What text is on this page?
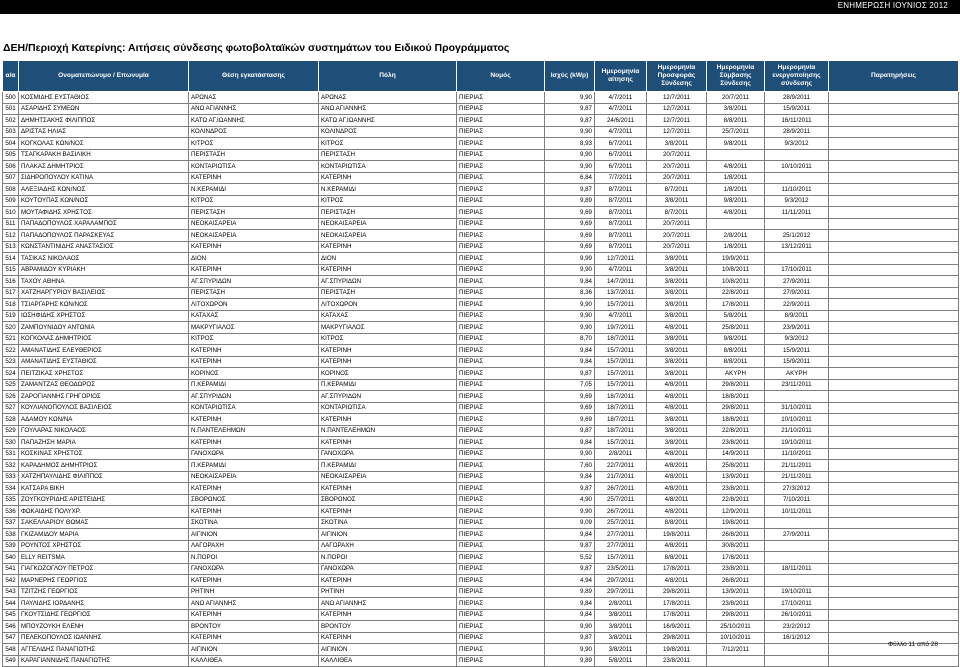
ΕΝΗΜΕΡΩΣΗ ΙΟΥΝΙΟΣ 2012
ΔΕΗ/Περιοχή Κατερίνης: Αιτήσεις σύνδεσης φωτοβολταϊκών συστημάτων του Ειδικού Προγράμματος
α/α	Ονοματεπώνυμο / Επωνυμία	Θέση εγκατάστασης	Πόλη	Νομός	Ισχύς (kWp)	Ημερομηνία αίτησης	Ημερομηνία Προσφοράς Σύνδεσης	Ημερομηνία Σύμβασης Σύνδεσης	Ημερομηνία ενεργοποίησης σύνδεσης	Παρατηρήσεις
500	ΚΟΣΜΙΔΗΣ ΕΥΣΤΑΘΙΟΣ	ΑΡΩΝΑΣ	ΑΡΩΝΑΣ	ΠΙΕΡΙΑΣ	9,90	4/7/2011	12/7/2011	20/7/2011	28/9/2011	
501	ΑΣΑΡΙΔΗΣ ΣΥΜΕΩΝ	ΑΝΩ ΑΓΙΑΝΝΗΣ	ΑΝΩ ΑΓΙΑΝΝΗΣ	ΠΙΕΡΙΑΣ	9,87	4/7/2011	12/7/2011	3/8/2011	15/9/2011	
502	ΔΗΜΗΤΣΑΚΗΣ ΦΙΛΙΠΠΟΣ	ΚΑΤΩ ΑΓ.ΙΩΑΝΝΗΣ	ΚΑΤΩ ΑΓ.ΙΩΑΝΝΗΣ	ΠΙΕΡΙΑΣ	9,87	24/6/2011	12/7/2011	8/8/2011	16/11/2011	
503	ΔΡΙΣΤΑΣ ΗΛΙΑΣ	ΚΟΛΙΝΔΡΟΣ	ΚΟΛΙΝΔΡΟΣ	ΠΙΕΡΙΑΣ	9,90	4/7/2011	12/7/2011	25/7/2011	28/9/2011	
504	ΚΟΓΚΟΛΑΣ ΚΩΝ/ΝΟΣ	ΚΙΤΡΟΣ	ΚΙΤΡΟΣ	ΠΙΕΡΙΑΣ	8,93	6/7/2011	3/8/2011	9/8/2011	9/3/2012	
505	ΤΣΑΓΚΑΡΑΚΗ ΒΑΣΙΛΙΚΗ	ΠΕΡΙΣΤΑΣΗ	ΠΕΡΙΣΤΑΣΗ	ΠΙΕΡΙΑΣ	9,90	6/7/2011	20/7/2011			
506	ΠΛΑΚΑΣ ΔΗΜΗΤΡΙΟΣ	ΚΟΝΤΑΡΙΩΤΙΣΑ	ΚΟΝΤΑΡΙΩΤΙΣΑ	ΠΙΕΡΙΑΣ	9,90	6/7/2011	20/7/2011	4/8/2011	10/10/2011	
507	ΣΙΔΗΡΟΠΟΥΛΟΥ ΚΑΤΙΝΑ	ΚΑΤΕΡΙΝΗ	ΚΑΤΕΡΙΝΗ	ΠΙΕΡΙΑΣ	6,84	7/7/2011	20/7/2011	1/8/2011		
508	ΑΛΕΞΙΑΔΗΣ ΚΩΝ/ΝΟΣ	Ν.ΚΕΡΑΜΙΔΙ	Ν.ΚΕΡΑΜΙΔΙ	ΠΙΕΡΙΑΣ	9,87	8/7/2011	8/7/2011	1/8/2011	11/10/2011	
509	ΚΟΥΤΟΥΠΑΣ ΚΩΝ/ΝΟΣ	ΚΙΤΡΟΣ	ΚΙΤΡΟΣ	ΠΙΕΡΙΑΣ	9,89	8/7/2011	3/8/2011	9/8/2011	9/3/2012	
510	ΜΟΥΤΑΦΙΔΗΣ ΧΡΗΣΤΟΣ	ΠΕΡΙΣΤΑΣΗ	ΠΕΡΙΣΤΑΣΗ	ΠΙΕΡΙΑΣ	9,69	8/7/2011	8/7/2011	4/8/2011	11/11/2011	
511	ΠΑΠΑΔΟΠΟΥΛΟΣ ΧΑΡΑΛΑΜΠΟΣ	ΝΕΟΚΑΙΣΑΡΕΙΑ	ΝΕΟΚΑΙΣΑΡΕΙΑ	ΠΙΕΡΙΑΣ	9,69	8/7/2011	20/7/2011			
512	ΠΑΠΑΔΟΠΟΥΛΟΣ ΠΑΡΑΣΚΕΥΑΣ	ΝΕΟΚΑΙΣΑΡΕΙΑ	ΝΕΟΚΑΙΣΑΡΕΙΑ	ΠΙΕΡΙΑΣ	9,69	8/7/2011	20/7/2011	2/8/2011	25/1/2012	
513	ΚΩΝΣΤΑΝΤΙΝΙΔΗΣ ΑΝΑΣΤΑΣΙΟΣ	ΚΑΤΕΡΙΝΗ	ΚΑΤΕΡΙΝΗ	ΠΙΕΡΙΑΣ	9,69	8/7/2011	20/7/2011	1/8/2011	13/12/2011	
514	ΤΑΣΙΚΑΣ ΝΙΚΟΛΑΟΣ	ΔΙΟΝ	ΔΙΟΝ	ΠΙΕΡΙΑΣ	9,99	12/7/2011	3/8/2011	19/9/2011		
515	ΑΒΡΑΜΙΔΟΥ ΚΥΡΙΑΚΗ	ΚΑΤΕΡΙΝΗ	ΚΑΤΕΡΙΝΗ	ΠΙΕΡΙΑΣ	9,90	4/7/2011	3/8/2011	10/8/2011	17/10/2011	
516	ΤΑΧΟΥ ΑΘΗΝΑ	ΑΓ.ΣΠΥΡΙΔΩΝ	ΑΓ.ΣΠΥΡΙΔΩΝ	ΠΙΕΡΙΑΣ	9,84	14/7/2011	3/8/2011	10/8/2011	27/9/2011	
517	ΧΑΤΖΗΑΡΓΥΡΙΟΥ ΒΑΣΙΛΕΙΟΣ	ΠΕΡΙΣΤΑΣΗ	ΠΕΡΙΣΤΑΣΗ	ΠΙΕΡΙΑΣ	8,36	13/7/2011	3/8/2011	22/8/2011	27/9/2011	
518	ΤΣΙΑΡΓΑΡΗΣ ΚΩΝ/ΝΟΣ	ΛΙΤΟΧΩΡΟΝ	ΛΙΤΟΧΩΡΟΝ	ΠΙΕΡΙΑΣ	9,90	15/7/2011	3/8/2011	17/8/2011	22/9/2011	
519	ΙΩΣΗΦΙΔΗΣ ΧΡΗΣΤΟΣ	ΚΑΤΑΧΑΣ	ΚΑΤΑΧΑΣ	ΠΙΕΡΙΑΣ	9,90	4/7/2011	3/8/2011	5/8/2011	8/9/2011	
520	ΖΑΜΠΟΥΝΙΔΟΥ ΑΝΤΩΝΙΑ	ΜΑΚΡΥΓΙΑΛΟΣ	ΜΑΚΡΥΓΙΑΛΟΣ	ΠΙΕΡΙΑΣ	9,90	19/7/2011	4/8/2011	25/8/2011	23/9/2011	
521	ΚΟΓΚΟΛΑΣ ΔΗΜΗΤΡΙΟΣ	ΚΙΤΡΟΣ	ΚΙΤΡΟΣ	ΠΙΕΡΙΑΣ	8,70	18/7/2011	3/8/2011	9/8/2011	9/3/2012	
522	ΑΜΑΝΑΤΙΔΗΣ ΕΛΕΥΘΕΡΙΟΣ	ΚΑΤΕΡΙΝΗ	ΚΑΤΕΡΙΝΗ	ΠΙΕΡΙΑΣ	9,84	15/7/2011	3/8/2011	8/8/2011	15/9/2011	
523	ΑΜΑΝΑΤΙΔΗΣ ΕΥΣΤΑΘΙΟΣ	ΚΑΤΕΡΙΝΗ	ΚΑΤΕΡΙΝΗ	ΠΙΕΡΙΑΣ	9,84	15/7/2011	3/8/2011	8/8/2011	15/9/2011	
524	ΠΕΙΤΖΙΚΑΣ ΧΡΗΣΤΟΣ	ΚΟΡΙΝΟΣ	ΚΟΡΙΝΟΣ	ΠΙΕΡΙΑΣ	9,87	15/7/2011	3/8/2011	ΑΚΥΡΗ	ΑΚΥΡΗ	
525	ΖΑΜΑΝΤΖΑΣ ΘΕΟΔΩΡΟΣ	Π.ΚΕΡΑΜΙΔΙ	Π.ΚΕΡΑΜΙΔΙ	ΠΙΕΡΙΑΣ	7,05	15/7/2011	4/8/2011	29/8/2011	23/11/2011	
526	ΖΑΡΟΓΙΑΝΝΗΣ ΓΡΗΓΟΡΙΟΣ	ΑΓ.ΣΠΥΡΙΔΩΝ	ΑΓ.ΣΠΥΡΙΔΩΝ	ΠΙΕΡΙΑΣ	9,69	18/7/2011	4/8/2011	18/8/2011		
527	ΚΟΥΛΙΑΝΟΠΟΥΛΟΣ ΒΑΣΙΛΕΙΟΣ	ΚΟΝΤΑΡΙΩΤΙΣΑ	ΚΟΝΤΑΡΙΩΤΙΣΑ	ΠΙΕΡΙΑΣ	9,69	18/7/2011	4/8/2011	29/8/2011	31/10/2011	
528	ΑΔΑΜΟΥ ΚΩΝ/ΝΑ	ΚΑΤΕΡΙΝΗ	ΚΑΤΕΡΙΝΗ	ΠΙΕΡΙΑΣ	9,69	18/7/2011	3/8/2011	18/8/2011	10/10/2011	
529	ΓΟΥΛΑΡΑΣ ΝΙΚΟΛΑΟΣ	Ν.ΠΑΝΤΕΛΕΗΜΩΝ	Ν.ΠΑΝΤΕΛΕΗΜΩΝ	ΠΙΕΡΙΑΣ	9,87	18/7/2011	3/8/2011	22/8/2011	21/10/2011	
530	ΠΑΠΑΖΗΣΗ ΜΑΡΙΑ	ΚΑΤΕΡΙΝΗ	ΚΑΤΕΡΙΝΗ	ΠΙΕΡΙΑΣ	9,84	15/7/2011	3/8/2011	23/8/2011	19/10/2011	
531	ΚΟΣΚΙΝΑΣ ΧΡΗΣΤΟΣ	ΓΑΝΟΧΩΡΑ	ΓΑΝΟΧΩΡΑ	ΠΙΕΡΙΑΣ	9,90	2/8/2011	4/8/2011	14/9/2011	11/10/2011	
532	ΚΑΡΑΔΗΜΟΣ ΔΗΜΗΤΡΙΟΣ	Π.ΚΕΡΑΜΙΔΙ	Π.ΚΕΡΑΜΙΔΙ	ΠΙΕΡΙΑΣ	7,60	22/7/2011	4/8/2011	25/8/2011	21/11/2011	
533	ΧΑΤΖΗΠΑΥΛΙΔΗΣ ΦΙΛΙΠΠΟΣ	ΝΕΟΚΑΙΣΑΡΕΙΑ	ΝΕΟΚΑΙΣΑΡΕΙΑ	ΠΙΕΡΙΑΣ	9,84	21/7/2011	4/8/2011	13/9/2011	21/11/2011	
534	ΚΑΤΣΑΡΑ ΒΙΚΗ	ΚΑΤΕΡΙΝΗ	ΚΑΤΕΡΙΝΗ	ΠΙΕΡΙΑΣ	9,87	26/7/2011	4/8/2011	23/8/2011	27/3/2012	
535	ΖΟΥΓΚΟΥΡΙΔΗΣ ΑΡΙΣΤΕΙΔΗΣ	ΣΒΟΡΩΝΟΣ	ΣΒΟΡΩΝΟΣ	ΠΙΕΡΙΑΣ	4,90	25/7/2011	4/8/2011	22/8/2011	7/10/2011	
536	ΦΩΚΑΙΔΗΣ ΠΟΛΥΧΡ.	ΚΑΤΕΡΙΝΗ	ΚΑΤΕΡΙΝΗ	ΠΙΕΡΙΑΣ	9,90	26/7/2011	4/8/2011	12/9/2011	10/11/2011	
537	ΣΑΚΕΛΛΑΡΙΟΥ ΘΩΜΑΣ	ΣΚΟΤΙΝΑ	ΣΚΟΤΙΝΑ	ΠΙΕΡΙΑΣ	9,09	25/7/2011	8/8/2011	19/8/2011		
538	ΓΚΙΖΑΜΙΔΟΥ ΜΑΡΙΑ	ΑΙΓΙΝΙΟΝ	ΑΙΓΙΝΙΟΝ	ΠΙΕΡΙΑΣ	9,84	27/7/2011	19/8/2011	26/8/2011	27/9/2011	
539	ΡΟΥΝΤΟΣ ΧΡΗΣΤΟΣ	ΛΑΓΟΡΑΧΗ	ΛΑΓΟΡΑΧΗ	ΠΙΕΡΙΑΣ	9,87	27/7/2011	4/8/2011	30/8/2011		
540	ELLY REITSMA	Ν.ΠΟΡΟΙ	Ν.ΠΟΡΟΙ	ΠΙΕΡΙΑΣ	5,52	15/7/2011	8/8/2011	17/8/2011		
541	ΓΙΑΓΚΟΖΟΓΛΟΥ ΠΕΤΡΟΣ	ΓΑΝΟΧΩΡΑ	ΓΑΝΟΧΩΡΑ	ΠΙΕΡΙΑΣ	9,87	23/5/2011	17/8/2011	23/8/2011	18/11/2011	
542	ΜΑΡΝΕΡΗΣ ΓΕΩΡΓΙΟΣ	ΚΑΤΕΡΙΝΗ	ΚΑΤΕΡΙΝΗ	ΠΙΕΡΙΑΣ	4,94	29/7/2011	4/8/2011	26/8/2011		
543	ΤΖΙΤΖΗΣ ΓΕΩΡΓΙΟΣ	ΡΗΤΙΝΗ	ΡΗΤΙΝΗ	ΠΙΕΡΙΑΣ	9,89	29/7/2011	29/8/2011	13/9/2011	19/10/2011	
544	ΠΑΥΛΙΔΗΣ ΙΟΡΔΑΝΗΣ	ΑΝΩ ΑΓΙΑΝΝΗΣ	ΑΝΩ ΑΓΙΑΝΝΗΣ	ΠΙΕΡΙΑΣ	9,84	2/8/2011	17/8/2011	23/8/2011	17/10/2011	
545	ΓΚΟΥΤΣΙΔΗΣ ΓΕΩΡΓΙΟΣ	ΚΑΤΕΡΙΝΗ	ΚΑΤΕΡΙΝΗ	ΠΙΕΡΙΑΣ	9,84	3/8/2011	17/8/2011	29/8/2011	26/10/2011	
546	ΜΠΟΥΖΟΥΚΗ ΕΛΕΝΗ	ΒΡΟΝΤΟΥ	ΒΡΟΝΤΟΥ	ΠΙΕΡΙΑΣ	9,90	3/8/2011	16/9/2011	25/10/2011	23/2/2012	
547	ΠΕΛΕΚΟΠΟΥΛΟΣ ΙΩΑΝΝΗΣ	ΚΑΤΕΡΙΝΗ	ΚΑΤΕΡΙΝΗ	ΠΙΕΡΙΑΣ	9,87	3/8/2011	29/8/2011	10/10/2011	16/1/2012	
548	ΑΓΓΕΛΙΔΗΣ ΠΑΝΑΓΙΩΤΗΣ	ΑΙΓΙΝΙΟΝ	ΑΙΓΙΝΙΟΝ	ΠΙΕΡΙΑΣ	9,90	3/8/2011	19/8/2011	7/12/2011		
549	ΚΑΡΑΓΙΑΝΝΙΔΗΣ ΠΑΝΑΓΙΩΤΗΣ	ΚΑΛΛΙΘΕΑ	ΚΑΛΛΙΘΕΑ	ΠΙΕΡΙΑΣ	9,89	5/8/2011	23/8/2011			
Φύλλο 11 από 28
